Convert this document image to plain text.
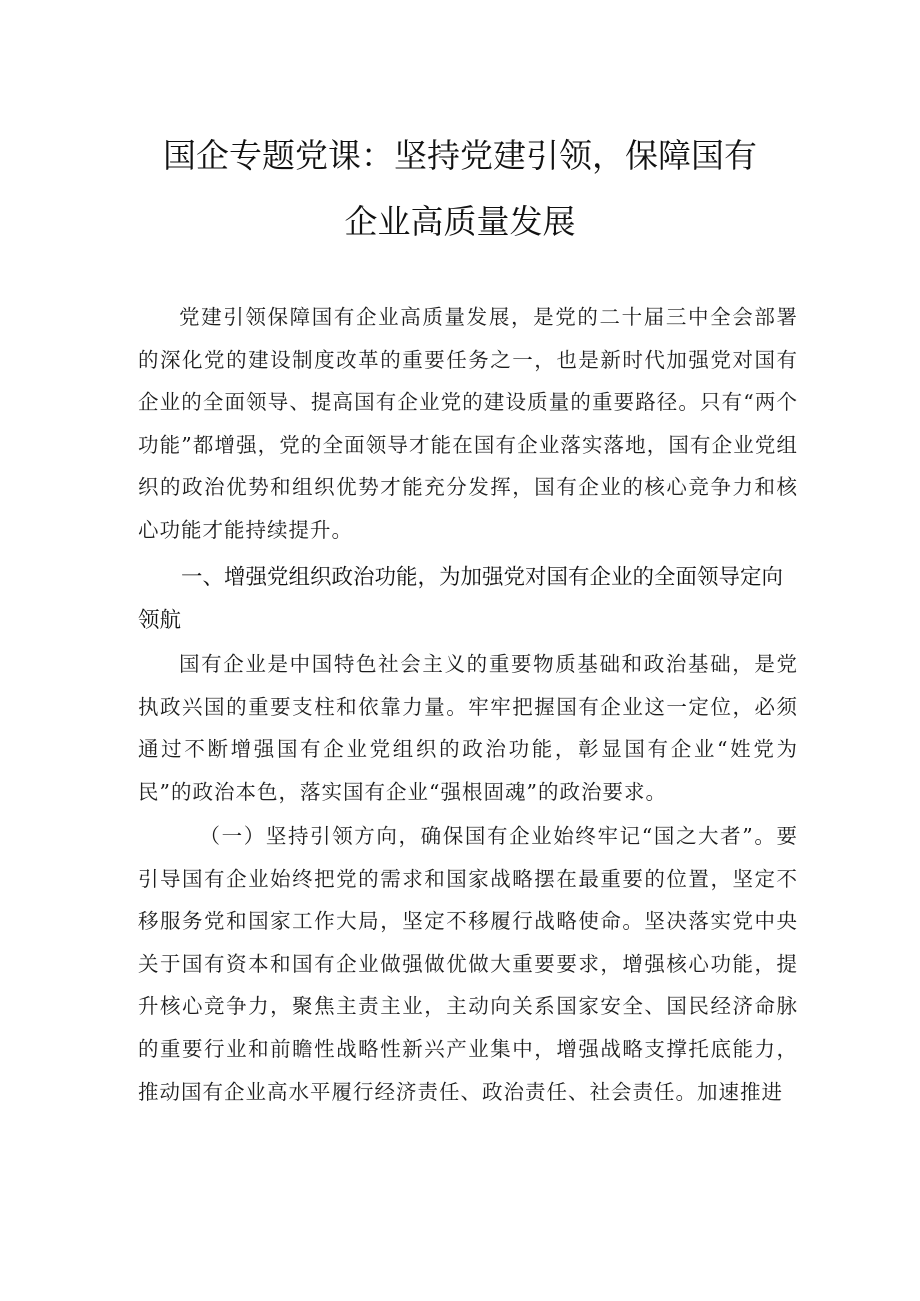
国企专题党课：坚持党建引领，保障国有
企业高质量发展

党建引领保障国有企业高质量发展，是党的二十届三中全会部署的深化党的建设制度改革的重要任务之一，也是新时代加强党对国有企业的全面领导、提高国有企业党的建设质量的重要路径。只有“两个功能”都增强，党的全面领导才能在国有企业落实落地，国有企业党组织的政治优势和组织优势才能充分发挥，国有企业的核心竞争力和核心功能才能持续提升。

一、增强党组织政治功能，为加强党对国有企业的全面领导定向领航

国有企业是中国特色社会主义的重要物质基础和政治基础，是党执政兴国的重要支柱和依靠力量。牢牢把握国有企业这一定位，必须通过不断增强国有企业党组织的政治功能，彰显国有企业“姓党为民”的政治本色，落实国有企业“强根固魂”的政治要求。

（一）坚持引领方向，确保国有企业始终牢记“国之大者”。要引导国有企业始终把党的需求和国家战略摆在最重要的位置，坚定不移服务党和国家工作大局，坚定不移履行战略使命。坚决落实党中央关于国有资本和国有企业做强做优做大重要要求，增强核心功能，提升核心竞争力，聚焦主责主业，主动向关系国家安全、国民经济命脉的重要行业和前瞻性战略性新兴产业集中，增强战略支撑托底能力，推动国有企业高水平履行经济责任、政治责任、社会责任。加速推进
